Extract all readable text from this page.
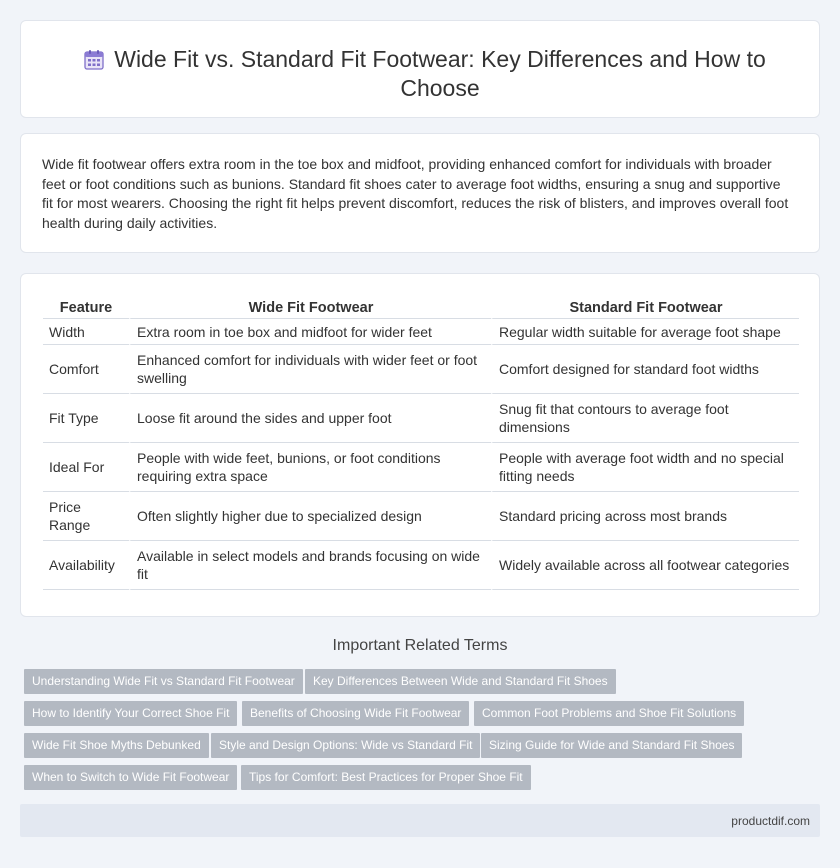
Wide Fit vs. Standard Fit Footwear: Key Differences and How to Choose

Wide fit footwear offers extra room in the toe box and midfoot, providing enhanced comfort for individuals with broader feet or foot conditions such as bunions. Standard fit shoes cater to average foot widths, ensuring a snug and supportive fit for most wearers. Choosing the right fit helps prevent discomfort, reduces the risk of blisters, and improves overall foot health during daily activities.

Feature	Wide Fit Footwear	Standard Fit Footwear
Width	Extra room in toe box and midfoot for wider feet	Regular width suitable for average foot shape
Comfort	Enhanced comfort for individuals with wider feet or foot swelling	Comfort designed for standard foot widths
Fit Type	Loose fit around the sides and upper foot	Snug fit that contours to average foot dimensions
Ideal For	People with wide feet, bunions, or foot conditions requiring extra space	People with average foot width and no special fitting needs
Price Range	Often slightly higher due to specialized design	Standard pricing across most brands
Availability	Available in select models and brands focusing on wide fit	Widely available across all footwear categories
Important Related Terms
Understanding Wide Fit vs Standard Fit Footwear	Key Differences Between Wide and Standard Fit Shoes
How to Identify Your Correct Shoe Fit	Benefits of Choosing Wide Fit Footwear	Common Foot Problems and Shoe Fit Solutions
Wide Fit Shoe Myths Debunked	Style and Design Options: Wide vs Standard Fit	Sizing Guide for Wide and Standard Fit Shoes
When to Switch to Wide Fit Footwear	Tips for Comfort: Best Practices for Proper Shoe Fit
productdif.com
